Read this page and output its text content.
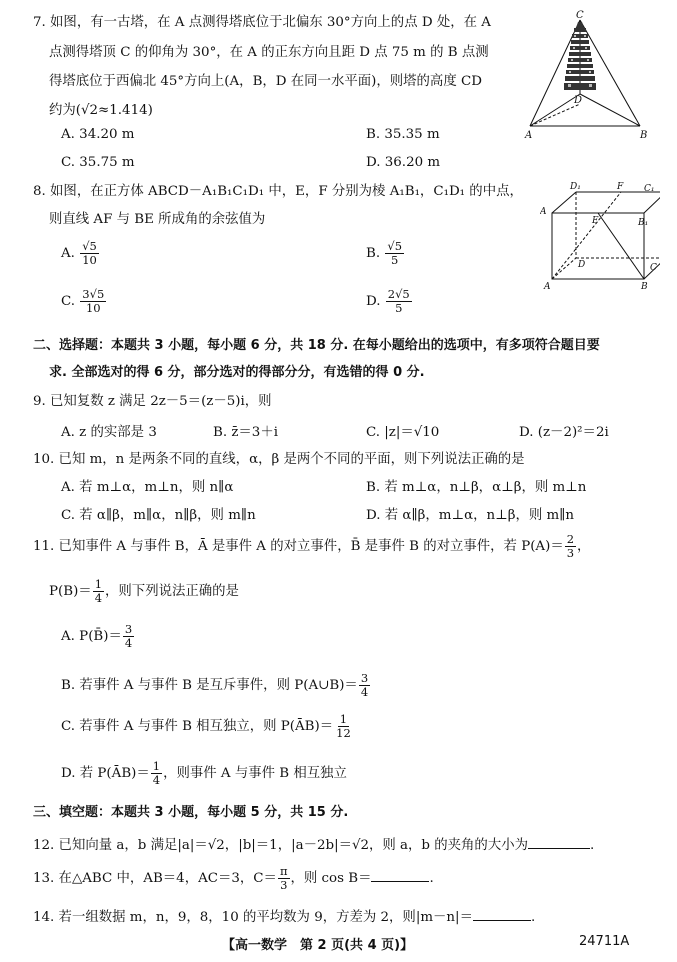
7. 如图，有一古塔，在 A 点测得塔底位于北偏东 30°方向上的点 D 处，在 A
点测得塔顶 C 的仰角为 30°，在 A 的正东方向且距 D 点 75 m 的 B 点测
得塔底位于西偏北 45°方向上(A，B，D 在同一水平面)，则塔的高度 CD
约为(√2≈1.414)
A. 34.20 m	B. 35.35 m
C. 35.75 m	D. 36.20 m
C
D
A	B
8. 如图，在正方体 ABCD－A₁B₁C₁D₁ 中，E，F 分别为棱 A₁B₁，C₁D₁ 的中点，
则直线 AF 与 BE 所成角的余弦值为
A. $\frac{√5}{10}$	B. $\frac{√5}{5}$
C. $\frac{3√5}{10}$	D. $\frac{2√5}{5}$
D₁	F C₁
A
E	B₁
D	C
A	B
二、选择题：本题共 3 小题，每小题 6 分，共 18 分. 在每小题给出的选项中，有多项符合题目要
求. 全部选对的得 6 分，部分选对的得部分分，有选错的得 0 分.
9. 已知复数 z 满足 2z－5＝(z－5)i，则
A. z 的实部是 3	B. z̄＝3＋i	C. |z|＝√10	D. (z－2)²＝2i
10. 已知 m，n 是两条不同的直线，α，β 是两个不同的平面，则下列说法正确的是
A. 若 m⊥α，m⊥n，则 n∥α	B. 若 m⊥α，n⊥β，α⊥β，则 m⊥n
C. 若 α∥β，m∥α，n∥β，则 m∥n	D. 若 α∥β，m⊥α，n⊥β，则 m∥n
11. 已知事件 A 与事件 B，Ā 是事件 A 的对立事件，B̄ 是事件 B 的对立事件，若 $P(A)= \frac{2}{3}$ ，
$P(B)= \frac{1}{4}$ ，则下列说法正确的是
A. P(B̄)＝ $\frac{3}{4}$
B. 若事件 A 与事件 B 是互斥事件，则 P(A∪B)＝ $\frac{3}{4}$
C. 若事件 A 与事件 B 相互独立，则 P(ĀB)＝ $\frac{1}{12}$
D. 若 P(ĀB)＝ $\frac{1}{4}$ ，则事件 A 与事件 B 相互独立
三、填空题：本题共 3 小题，每小题 5 分，共 15 分.
12. 已知向量 a，b 满足|a|＝√2，|b|＝1，|a－2b|＝√2，则 a，b 的夹角的大小为	.
13. 在△ABC 中，AB＝4，AC＝3，$C= \frac{\pi}{3}$ ，则 cos B＝	.
14. 若一组数据 m，n，9，8，10 的平均数为 9，方差为 2，则|m－n|＝	.
【高一数学　第 2 页(共 4 页)】	24711A
